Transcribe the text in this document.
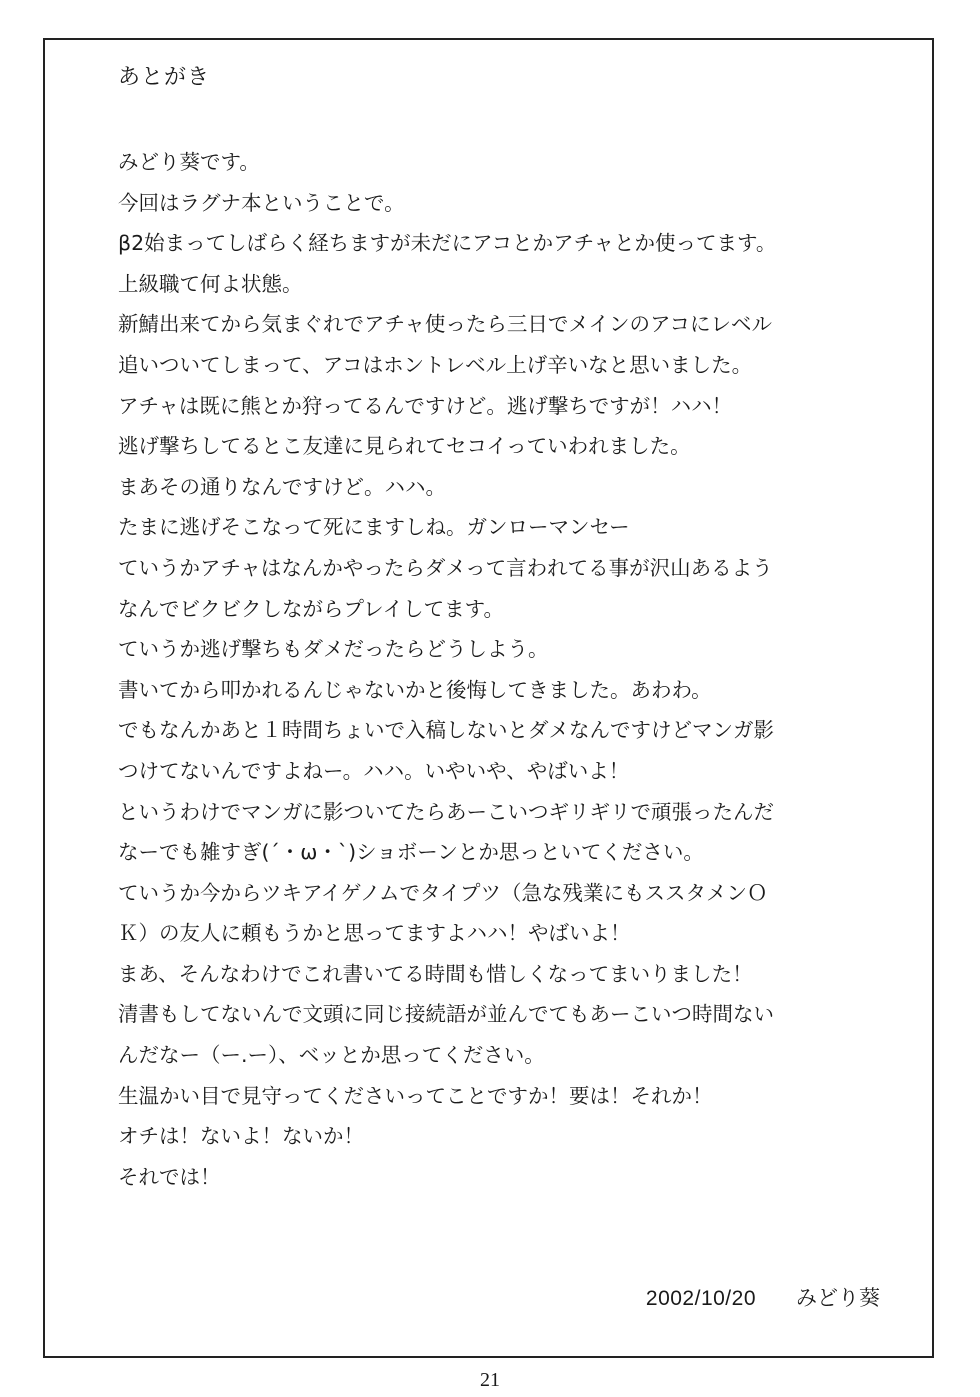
あとがき
みどり葵です。
今回はラグナ本ということで。
β2始まってしばらく経ちますが未だにアコとかアチャとか使ってます。
上級職て何よ状態。
新鯖出来てから気まぐれでアチャ使ったら三日でメインのアコにレベル
追いついてしまって、アコはホントレベル上げ辛いなと思いました。
アチャは既に熊とか狩ってるんですけど。逃げ撃ちですが！ハハ！
逃げ撃ちしてるとこ友達に見られてセコイっていわれました。
まあその通りなんですけど。ハハ。
たまに逃げそこなって死にますしね。ガンローマンセー
ていうかアチャはなんかやったらダメって言われてる事が沢山あるよう
なんでビクビクしながらプレイしてます。
ていうか逃げ撃ちもダメだったらどうしよう。
書いてから叩かれるんじゃないかと後悔してきました。あわわ。
でもなんかあと１時間ちょいで入稿しないとダメなんですけどマンガ影
つけてないんですよねー。ハハ。いやいや、やばいよ！
というわけでマンガに影ついてたらあーこいつギリギリで頑張ったんだ
なーでも雑すぎ(´・ω・`)ショボーンとか思っといてください。
ていうか今からツキアイゲノムでタイプツ（急な残業にもススタメンＯ
Ｋ）の友人に頼もうかと思ってますよハハ！やばいよ！
まあ、そんなわけでこれ書いてる時間も惜しくなってまいりました！
清書もしてないんで文頭に同じ接続語が並んでてもあーこいつ時間ない
んだなー（ー.ー）、ベッとか思ってください。
生温かい目で見守ってくださいってことですか！要は！それか！
オチは！ないよ！ないか！
それでは！
2002/10/20 みどり葵
21
